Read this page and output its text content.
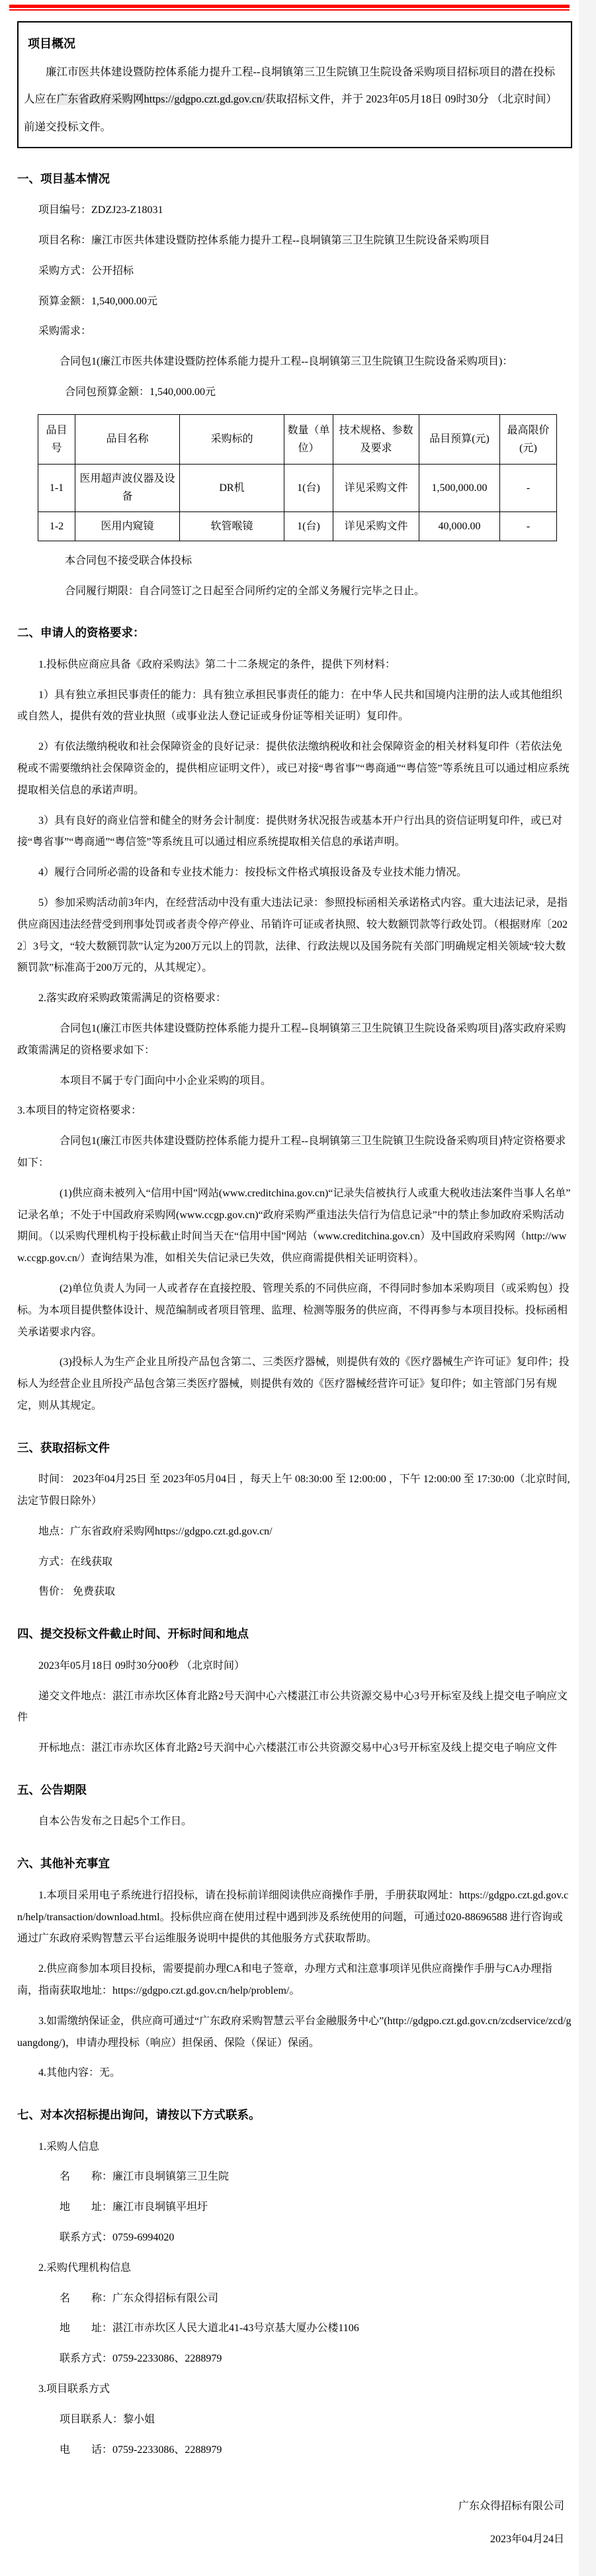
项目概况

廉江市医共体建设暨防控体系能力提升工程--良垌镇第三卫生院镇卫生院设备采购项目招标项目的潜在投标人应在广东省政府采购网https://gdgpo.czt.gd.gov.cn/获取招标文件，并于 2023年05月18日 09时30分 （北京时间）前递交投标文件。

一、项目基本情况

项目编号：ZDZJ23-Z18031

项目名称：廉江市医共体建设暨防控体系能力提升工程--良垌镇第三卫生院镇卫生院设备采购项目

采购方式：公开招标

预算金额：1,540,000.00元

采购需求：

合同包1(廉江市医共体建设暨防控体系能力提升工程--良垌镇第三卫生院镇卫生院设备采购项目)：

合同包预算金额：1,540,000.00元

品目号	品目名称	采购标的	数量（单位）	技术规格、参数及要求	品目预算(元)	最高限价(元)
1-1	医用超声波仪器及设备	DR机	1(台)	详见采购文件	1,500,000.00	-
1-2	医用内窥镜	软管喉镜	1(台)	详见采购文件	40,000.00	-

本合同包不接受联合体投标

合同履行期限：自合同签订之日起至合同所约定的全部义务履行完毕之日止。

二、申请人的资格要求：

1.投标供应商应具备《政府采购法》第二十二条规定的条件，提供下列材料：

1）具有独立承担民事责任的能力：具有独立承担民事责任的能力：在中华人民共和国境内注册的法人或其他组织或自然人，提供有效的营业执照（或事业法人登记证或身份证等相关证明）复印件。

2）有依法缴纳税收和社会保障资金的良好记录：提供依法缴纳税收和社会保障资金的相关材料复印件（若依法免税或不需要缴纳社会保障资金的，提供相应证明文件），或已对接“粤省事”“粤商通”“粤信签”等系统且可以通过相应系统提取相关信息的承诺声明。

3）具有良好的商业信誉和健全的财务会计制度：提供财务状况报告或基本开户行出具的资信证明复印件，或已对接“粤省事”“粤商通”“粤信签”等系统且可以通过相应系统提取相关信息的承诺声明。

4）履行合同所必需的设备和专业技术能力：按投标文件格式填报设备及专业技术能力情况。

5）参加采购活动前3年内，在经营活动中没有重大违法记录：参照投标函相关承诺格式内容。重大违法记录，是指供应商因违法经营受到刑事处罚或者责令停产停业、吊销许可证或者执照、较大数额罚款等行政处罚。（根据财库〔2022〕3号文，“较大数额罚款”认定为200万元以上的罚款，法律、行政法规以及国务院有关部门明确规定相关领域“较大数额罚款”标准高于200万元的，从其规定）。

2.落实政府采购政策需满足的资格要求：

合同包1(廉江市医共体建设暨防控体系能力提升工程--良垌镇第三卫生院镇卫生院设备采购项目)落实政府采购政策需满足的资格要求如下：

本项目不属于专门面向中小企业采购的项目。

3.本项目的特定资格要求：

合同包1(廉江市医共体建设暨防控体系能力提升工程--良垌镇第三卫生院镇卫生院设备采购项目)特定资格要求如下：

(1)供应商未被列入“信用中国”网站(www.creditchina.gov.cn)“记录失信被执行人或重大税收违法案件当事人名单”记录名单；不处于中国政府采购网(www.ccgp.gov.cn)“政府采购严重违法失信行为信息记录”中的禁止参加政府采购活动期间。（以采购代理机构于投标截止时间当天在“信用中国”网站（www.creditchina.gov.cn）及中国政府采购网（http://www.ccgp.gov.cn/）查询结果为准，如相关失信记录已失效，供应商需提供相关证明资料）。

(2)单位负责人为同一人或者存在直接控股、管理关系的不同供应商，不得同时参加本采购项目（或采购包）投标。为本项目提供整体设计、规范编制或者项目管理、监理、检测等服务的供应商，不得再参与本项目投标。投标函相关承诺要求内容。

(3)投标人为生产企业且所投产品包含第二、三类医疗器械，则提供有效的《医疗器械生产许可证》复印件；投标人为经营企业且所投产品包含第三类医疗器械，则提供有效的《医疗器械经营许可证》复印件；如主管部门另有规定，则从其规定。

三、获取招标文件

时间： 2023年04月25日 至 2023年05月04日 ，每天上午 08:30:00 至 12:00:00 ，下午 12:00:00 至 17:30:00（北京时间,法定节假日除外）

地点：广东省政府采购网https://gdgpo.czt.gd.gov.cn/

方式：在线获取

售价： 免费获取

四、提交投标文件截止时间、开标时间和地点

2023年05月18日 09时30分00秒 （北京时间）

递交文件地点：湛江市赤坎区体育北路2号天润中心六楼湛江市公共资源交易中心3号开标室及线上提交电子响应文件

开标地点：湛江市赤坎区体育北路2号天润中心六楼湛江市公共资源交易中心3号开标室及线上提交电子响应文件

五、公告期限

自本公告发布之日起5个工作日。

六、其他补充事宜

1.本项目采用电子系统进行招投标，请在投标前详细阅读供应商操作手册，手册获取网址：https://gdgpo.czt.gd.gov.cn/help/transaction/download.html。投标供应商在使用过程中遇到涉及系统使用的问题，可通过020-88696588 进行咨询或通过广东政府采购智慧云平台运维服务说明中提供的其他服务方式获取帮助。

2.供应商参加本项目投标，需要提前办理CA和电子签章，办理方式和注意事项详见供应商操作手册与CA办理指南，指南获取地址：https://gdgpo.czt.gd.gov.cn/help/problem/。

3.如需缴纳保证金，供应商可通过“广东政府采购智慧云平台金融服务中心”(http://gdgpo.czt.gd.gov.cn/zcdservice/zcd/guangdong/)，申请办理投标（响应）担保函、保险（保证）保函。

4.其他内容：无。

七、对本次招标提出询问，请按以下方式联系。

1.采购人信息

名　　称：廉江市良垌镇第三卫生院

地　　址：廉江市良垌镇平坦圩

联系方式：0759-6994020

2.采购代理机构信息

名　　称：广东众得招标有限公司

地　　址：湛江市赤坎区人民大道北41-43号京基大厦办公楼1106

联系方式：0759-2233086、2288979

3.项目联系方式

项目联系人：黎小姐

电　　话：0759-2233086、2288979

广东众得招标有限公司
2023年04月24日
